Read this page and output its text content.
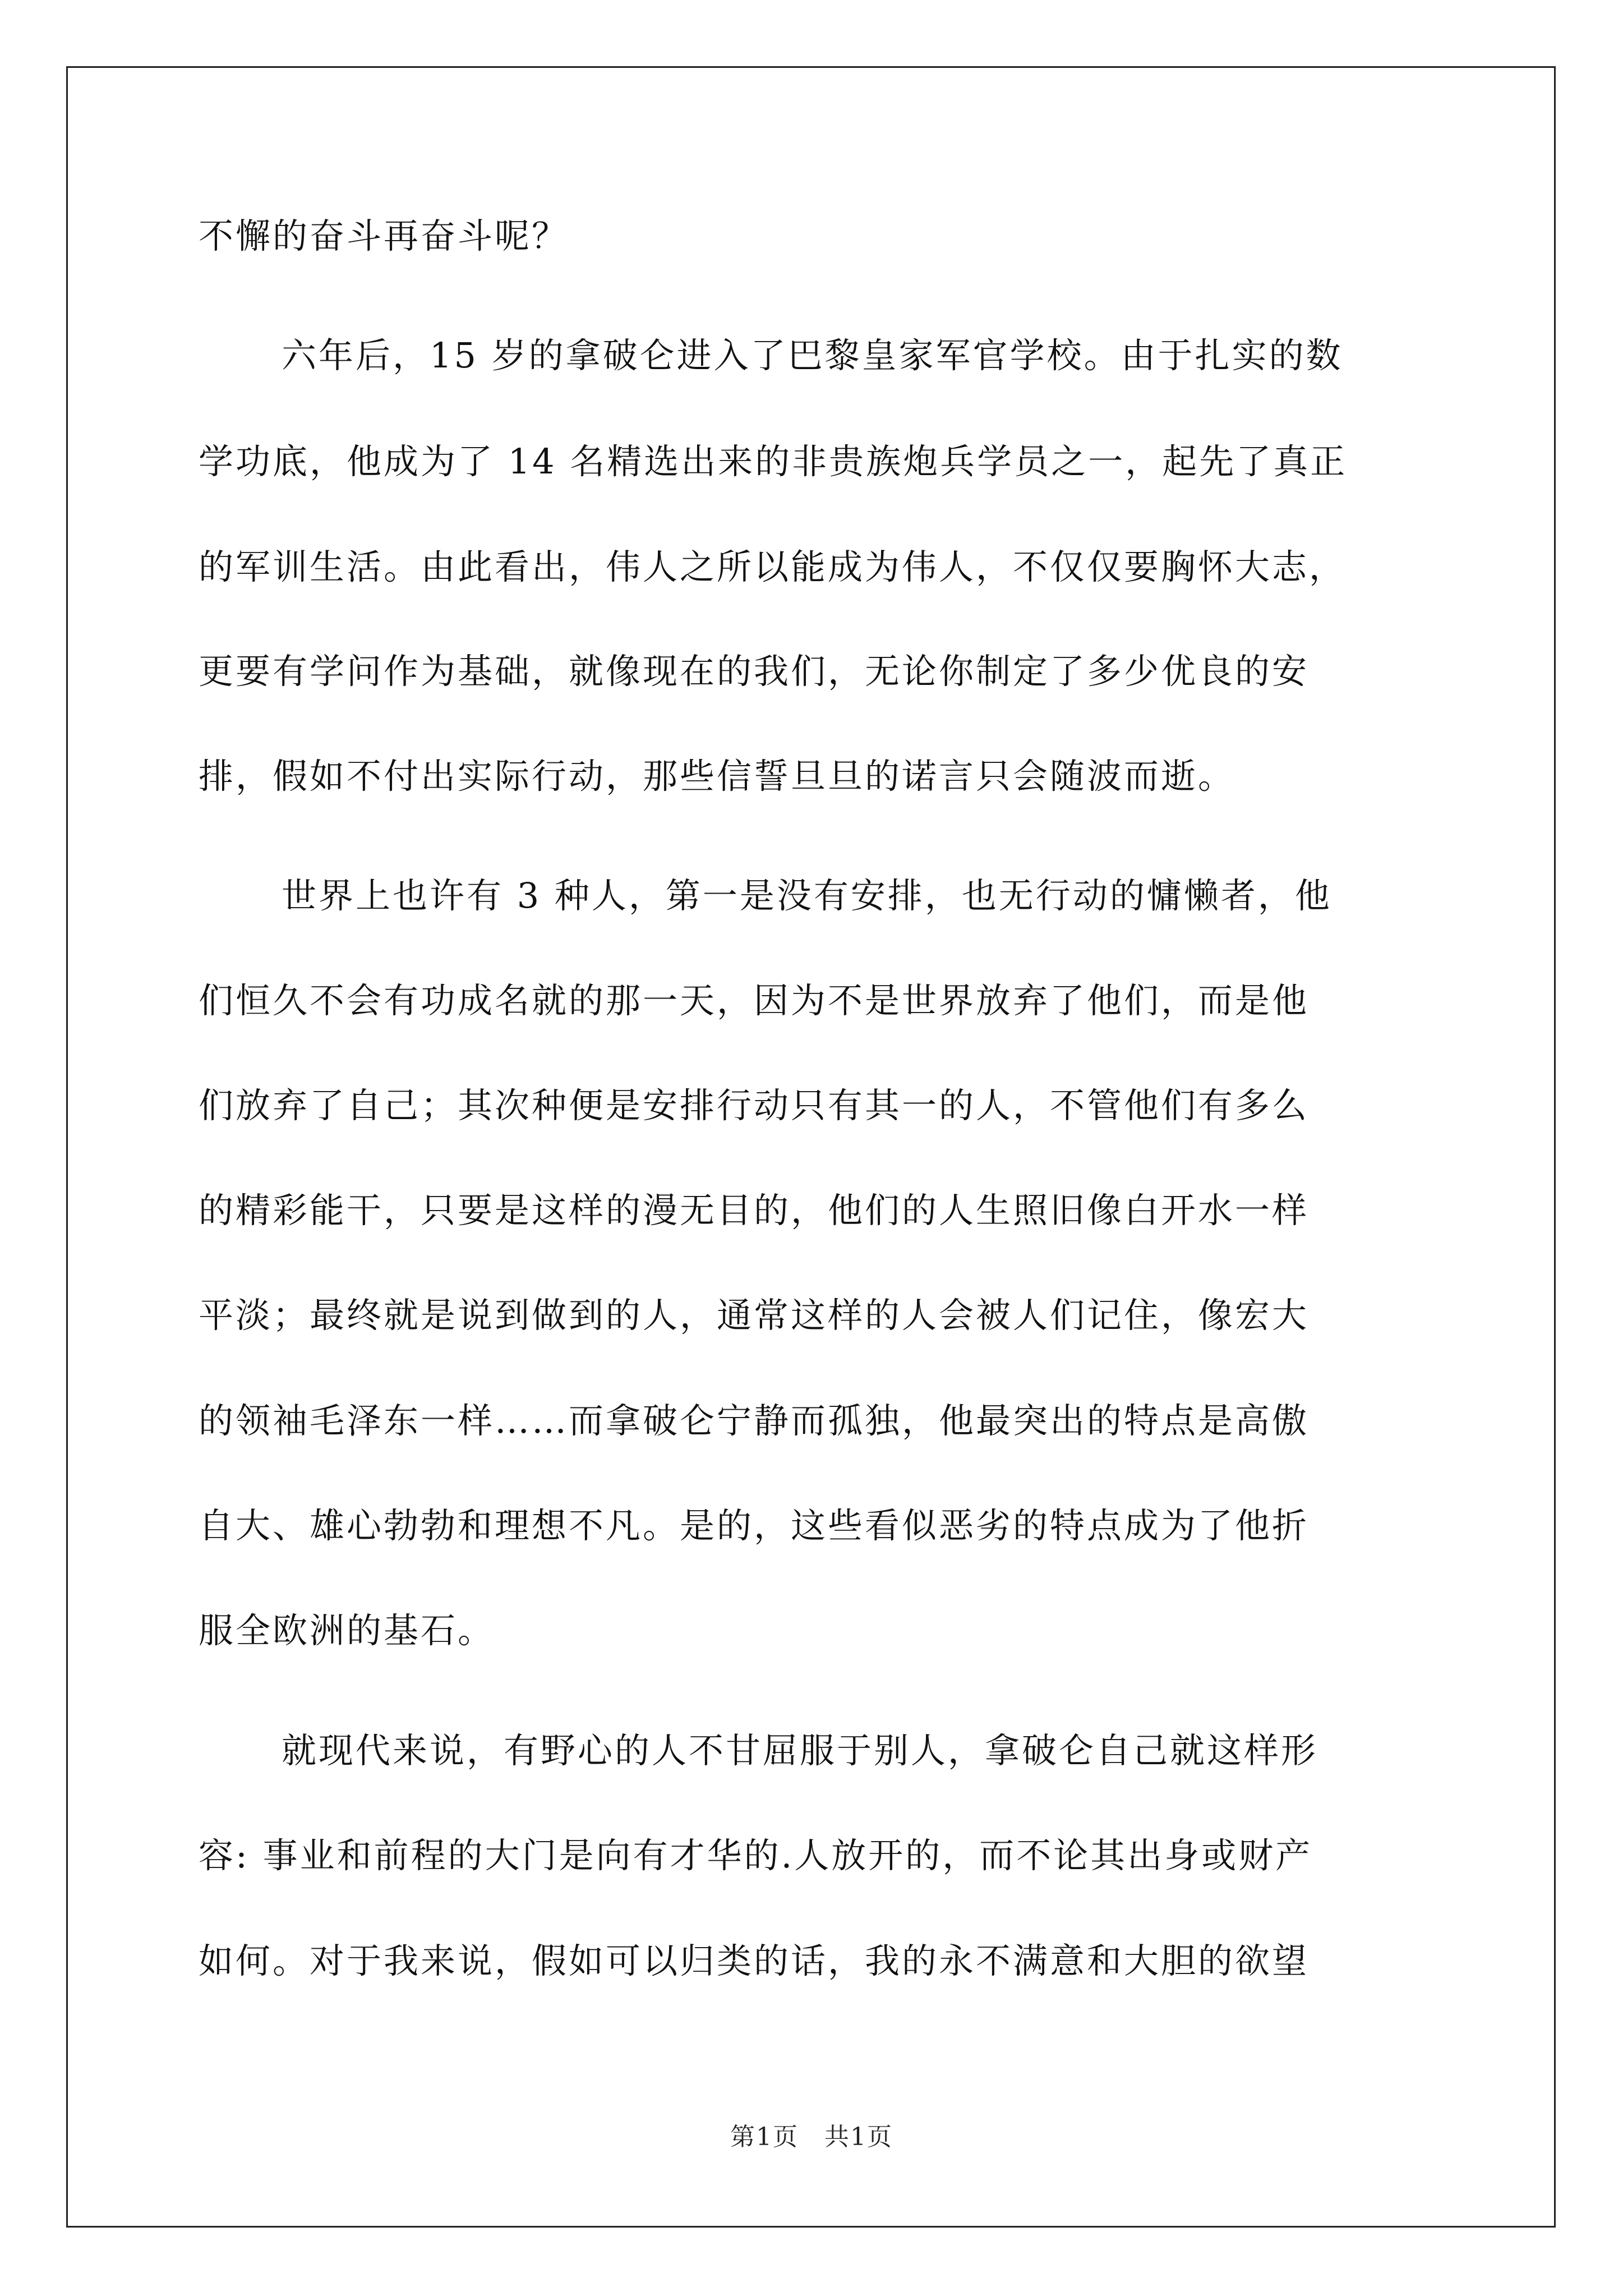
不懈的奋斗再奋斗呢？
六年后，15 岁的拿破仑进入了巴黎皇家军官学校。由于扎实的数
学功底，他成为了 14 名精选出来的非贵族炮兵学员之一，起先了真正
的军训生活。由此看出，伟人之所以能成为伟人，不仅仅要胸怀大志，
更要有学问作为基础，就像现在的我们，无论你制定了多少优良的安
排，假如不付出实际行动，那些信誓旦旦的诺言只会随波而逝。
世界上也许有 3 种人，第一是没有安排，也无行动的慵懒者，他
们恒久不会有功成名就的那一天，因为不是世界放弃了他们，而是他
们放弃了自己；其次种便是安排行动只有其一的人，不管他们有多么
的精彩能干，只要是这样的漫无目的，他们的人生照旧像白开水一样
平淡；最终就是说到做到的人，通常这样的人会被人们记住，像宏大
的领袖毛泽东一样……而拿破仑宁静而孤独，他最突出的特点是高傲
自大、雄心勃勃和理想不凡。是的，这些看似恶劣的特点成为了他折
服全欧洲的基石。
就现代来说，有野心的人不甘屈服于别人，拿破仑自己就这样形
容: 事业和前程的大门是向有才华的.人放开的，而不论其出身或财产
如何。对于我来说，假如可以归类的话，我的永不满意和大胆的欲望
第1页　共1页
